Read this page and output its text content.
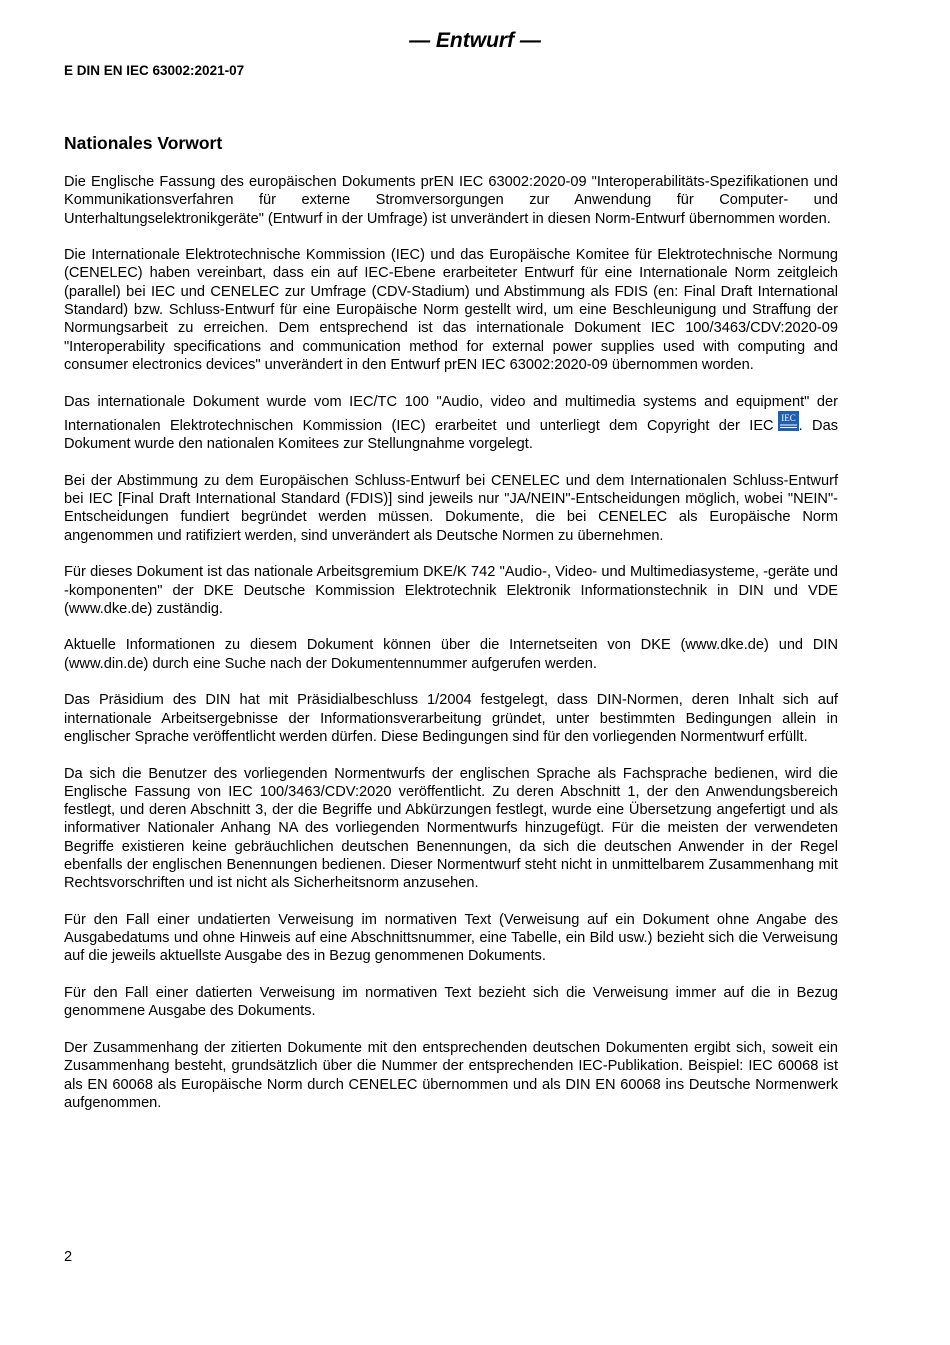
— Entwurf —
E DIN EN IEC 63002:2021-07
Nationales Vorwort

Die Englische Fassung des europäischen Dokuments prEN IEC 63002:2020-09 "Interoperabilitäts-Spezifikationen und Kommunikationsverfahren für externe Stromversorgungen zur Anwendung für Computer- und Unterhaltungselektronikgeräte" (Entwurf in der Umfrage) ist unverändert in diesen Norm-Entwurf übernommen worden.

Die Internationale Elektrotechnische Kommission (IEC) und das Europäische Komitee für Elektrotechnische Normung (CENELEC) haben vereinbart, dass ein auf IEC-Ebene erarbeiteter Entwurf für eine Internationale Norm zeitgleich (parallel) bei IEC und CENELEC zur Umfrage (CDV-Stadium) und Abstimmung als FDIS (en: Final Draft International Standard) bzw. Schluss-Entwurf für eine Europäische Norm gestellt wird, um eine Beschleunigung und Straffung der Normungsarbeit zu erreichen. Dem entsprechend ist das internationale Dokument IEC 100/3463/CDV:2020-09 "Interoperability specifications and communication method for external power supplies used with computing and consumer electronics devices" unverändert in den Entwurf prEN IEC 63002:2020-09 übernommen worden.

Das internationale Dokument wurde vom IEC/TC 100 "Audio, video and multimedia systems and equipment" der Internationalen Elektrotechnischen Kommission (IEC) erarbeitet und unterliegt dem Copyright der IEC IEC . Das Dokument wurde den nationalen Komitees zur Stellungnahme vorgelegt.

Bei der Abstimmung zu dem Europäischen Schluss-Entwurf bei CENELEC und dem Internationalen Schluss-Entwurf bei IEC [Final Draft International Standard (FDIS)] sind jeweils nur "JA/NEIN"-Entscheidungen möglich, wobei "NEIN"-Entscheidungen fundiert begründet werden müssen. Dokumente, die bei CENELEC als Europäische Norm angenommen und ratifiziert werden, sind unverändert als Deutsche Normen zu übernehmen.

Für dieses Dokument ist das nationale Arbeitsgremium DKE/K 742 "Audio-, Video- und Multimediasysteme, -geräte und -komponenten" der DKE Deutsche Kommission Elektrotechnik Elektronik Informationstechnik in DIN und VDE (www.dke.de) zuständig.

Aktuelle Informationen zu diesem Dokument können über die Internetseiten von DKE (www.dke.de) und DIN (www.din.de) durch eine Suche nach der Dokumentennummer aufgerufen werden.

Das Präsidium des DIN hat mit Präsidialbeschluss 1/2004 festgelegt, dass DIN-Normen, deren Inhalt sich auf internationale Arbeitsergebnisse der Informationsverarbeitung gründet, unter bestimmten Bedingungen allein in englischer Sprache veröffentlicht werden dürfen. Diese Bedingungen sind für den vorliegenden Normentwurf erfüllt.

Da sich die Benutzer des vorliegenden Normentwurfs der englischen Sprache als Fachsprache bedienen, wird die Englische Fassung von IEC 100/3463/CDV:2020 veröffentlicht. Zu deren Abschnitt 1, der den Anwendungsbereich festlegt, und deren Abschnitt 3, der die Begriffe und Abkürzungen festlegt, wurde eine Übersetzung angefertigt und als informativer Nationaler Anhang NA des vorliegenden Normentwurfs hinzugefügt. Für die meisten der verwendeten Begriffe existieren keine gebräuchlichen deutschen Benennungen, da sich die deutschen Anwender in der Regel ebenfalls der englischen Benennungen bedienen. Dieser Normentwurf steht nicht in unmittelbarem Zusammenhang mit Rechtsvorschriften und ist nicht als Sicherheitsnorm anzusehen.

Für den Fall einer undatierten Verweisung im normativen Text (Verweisung auf ein Dokument ohne Angabe des Ausgabedatums und ohne Hinweis auf eine Abschnittsnummer, eine Tabelle, ein Bild usw.) bezieht sich die Verweisung auf die jeweils aktuellste Ausgabe des in Bezug genommenen Dokuments.

Für den Fall einer datierten Verweisung im normativen Text bezieht sich die Verweisung immer auf die in Bezug genommene Ausgabe des Dokuments.

Der Zusammenhang der zitierten Dokumente mit den entsprechenden deutschen Dokumenten ergibt sich, soweit ein Zusammenhang besteht, grundsätzlich über die Nummer der entsprechenden IEC-Publikation. Beispiel: IEC 60068 ist als EN 60068 als Europäische Norm durch CENELEC übernommen und als DIN EN 60068 ins Deutsche Normenwerk aufgenommen.

2
